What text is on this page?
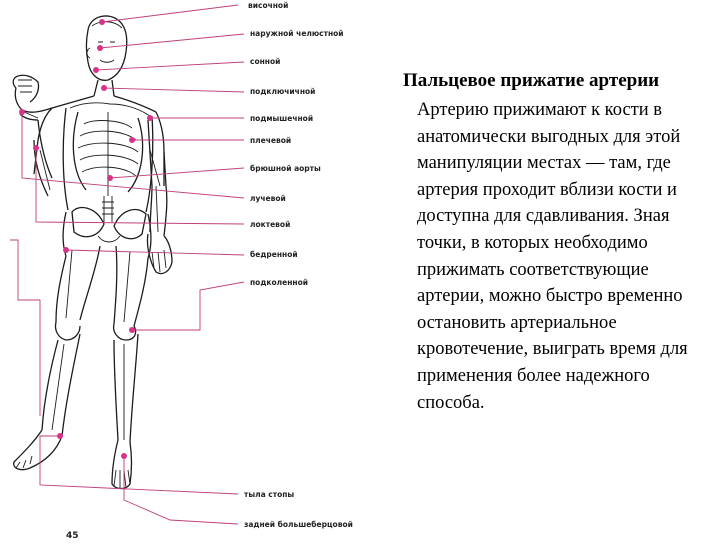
височной
наружной челюстной
сонной
подключичной
подмышечной
плечевой
брюшной аорты
лучевой
локтевой
бедренной
подколенной
тыла стопы
задней большеберцовой
45
Пальцевое прижатие артерии

Артерию прижимают к кости в анатомически выгодных для этой манипуляции местах — там, где артерия проходит вблизи кости и доступна для сдавливания. Зная точки, в которых необходимо прижимать соответствующие артерии, можно быстро временно остановить артериальное кровотечение, выиграть время для применения более надежного способа.
